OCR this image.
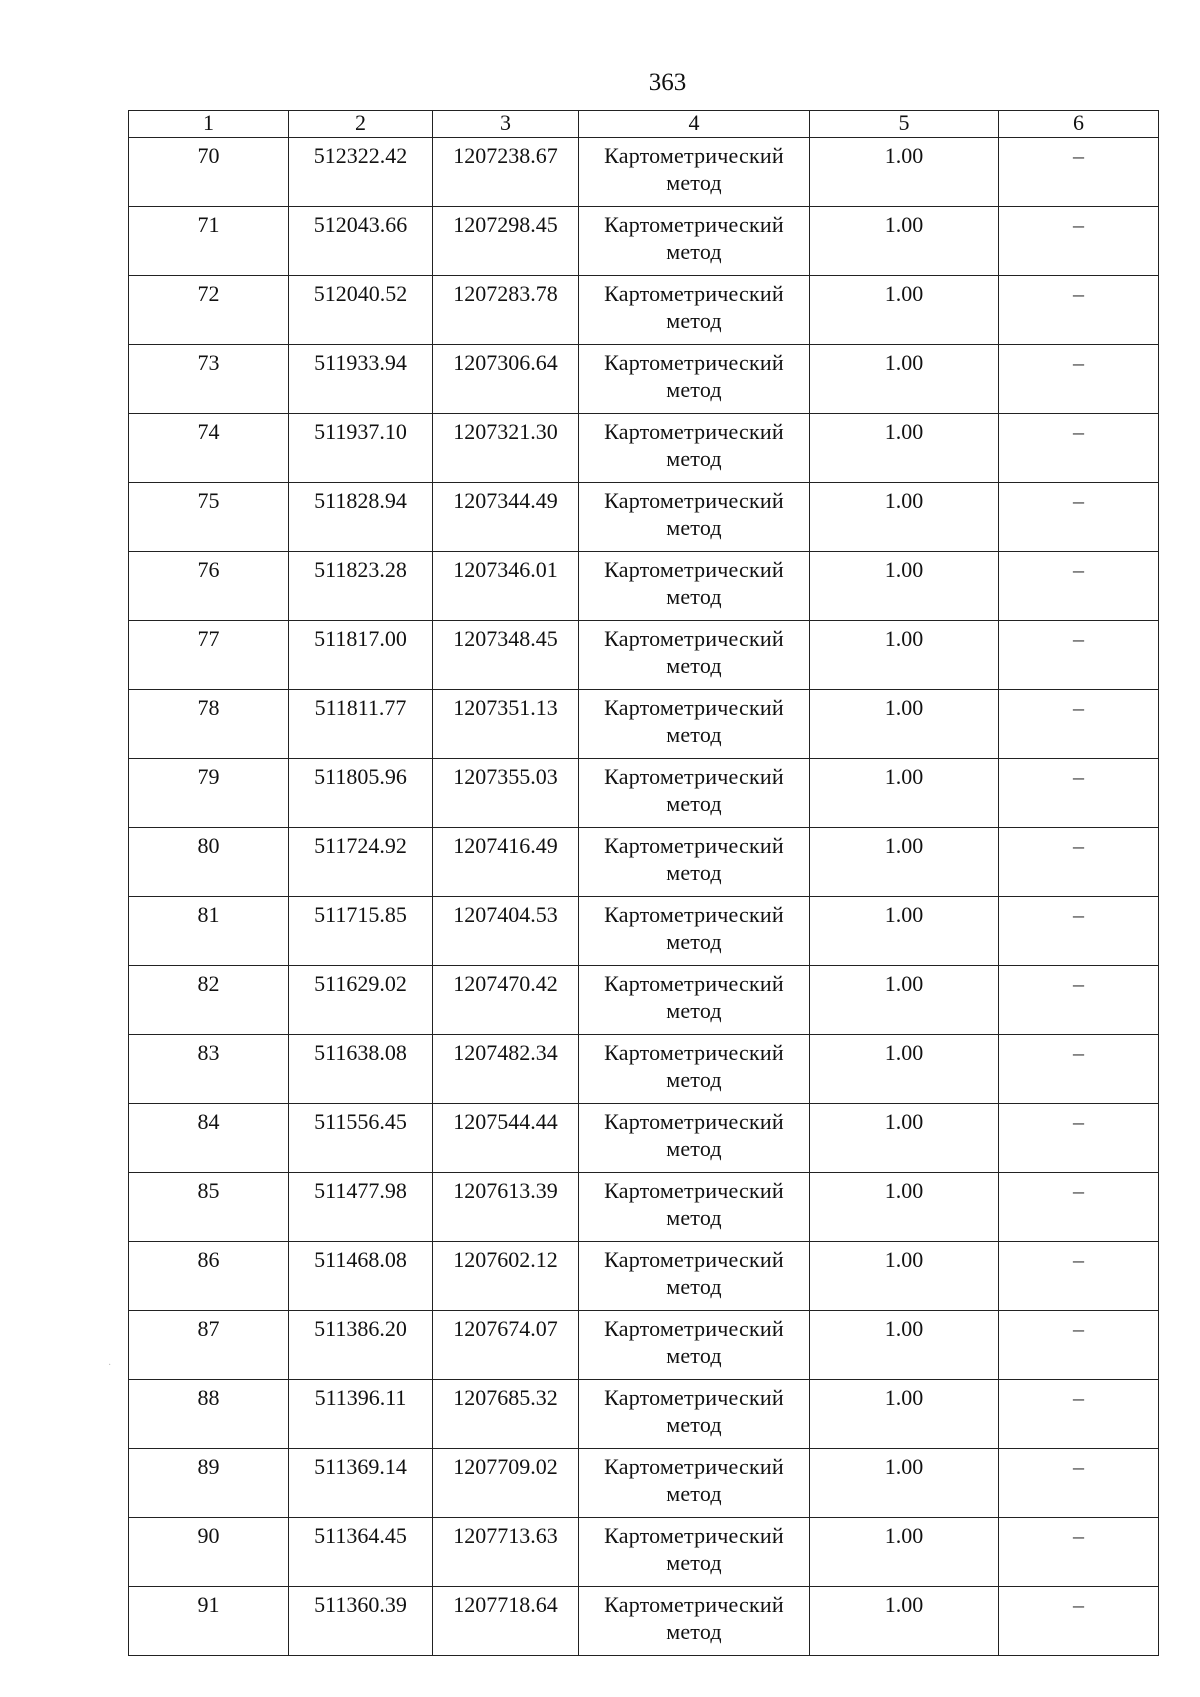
363
1	2	3	4	5	6
70	512322.42	1207238.67	Картометрический метод	1.00	–
71	512043.66	1207298.45	Картометрический метод	1.00	–
72	512040.52	1207283.78	Картометрический метод	1.00	–
73	511933.94	1207306.64	Картометрический метод	1.00	–
74	511937.10	1207321.30	Картометрический метод	1.00	–
75	511828.94	1207344.49	Картометрический метод	1.00	–
76	511823.28	1207346.01	Картометрический метод	1.00	–
77	511817.00	1207348.45	Картометрический метод	1.00	–
78	511811.77	1207351.13	Картометрический метод	1.00	–
79	511805.96	1207355.03	Картометрический метод	1.00	–
80	511724.92	1207416.49	Картометрический метод	1.00	–
81	511715.85	1207404.53	Картометрический метод	1.00	–
82	511629.02	1207470.42	Картометрический метод	1.00	–
83	511638.08	1207482.34	Картометрический метод	1.00	–
84	511556.45	1207544.44	Картометрический метод	1.00	–
85	511477.98	1207613.39	Картометрический метод	1.00	–
86	511468.08	1207602.12	Картометрический метод	1.00	–
87	511386.20	1207674.07	Картометрический метод	1.00	–
88	511396.11	1207685.32	Картометрический метод	1.00	–
89	511369.14	1207709.02	Картометрический метод	1.00	–
90	511364.45	1207713.63	Картометрический метод	1.00	–
91	511360.39	1207718.64	Картометрический метод	1.00	–
·
